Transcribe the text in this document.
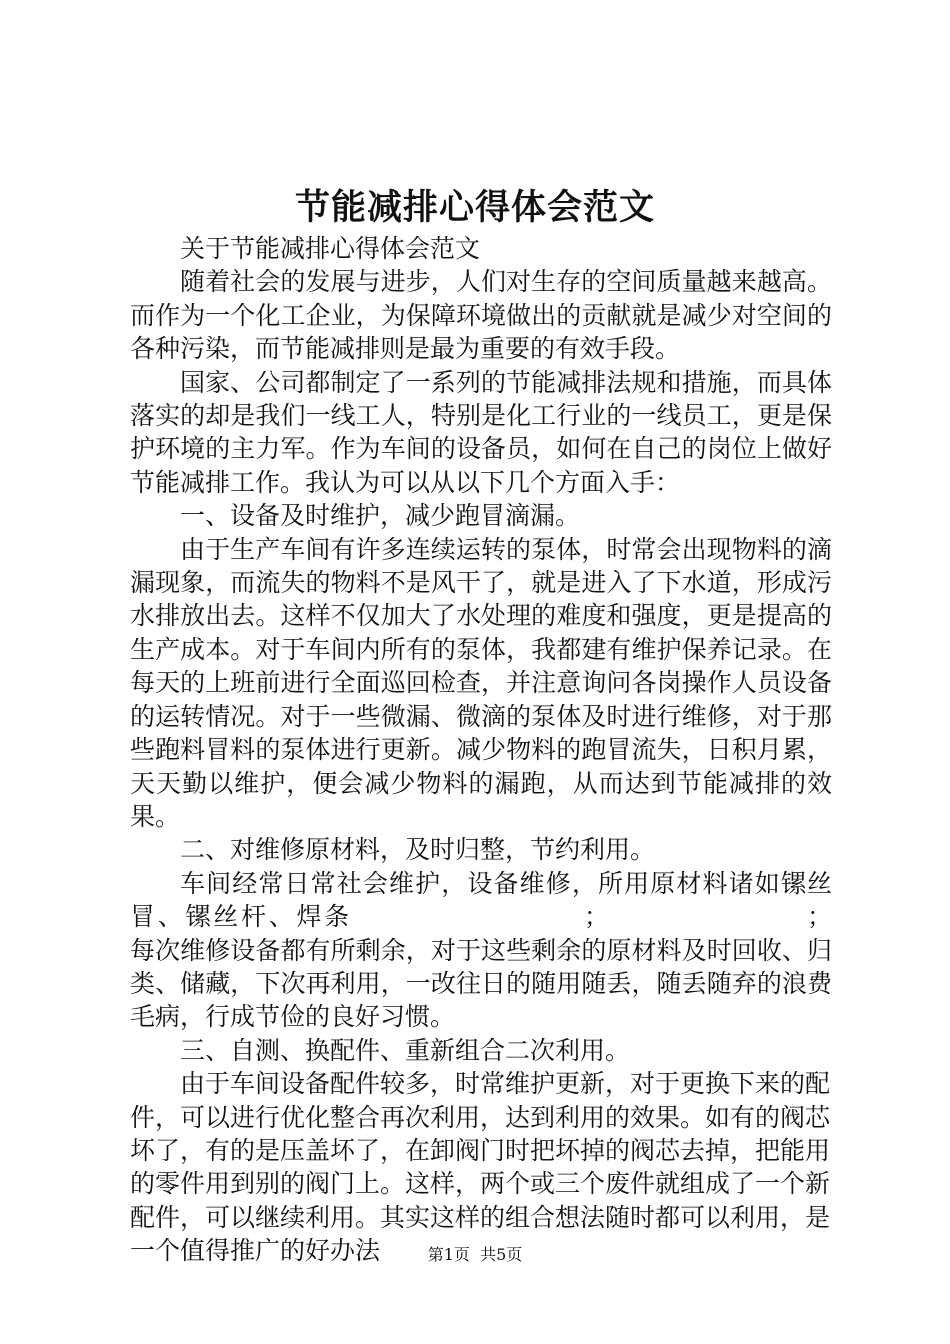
节能减排心得体会范文

关于节能减排心得体会范文

随着社会的发展与进步，人们对生存的空间质量越来越高。而作为一个化工企业，为保障环境做出的贡献就是减少对空间的各种污染，而节能减排则是最为重要的有效手段。

国家、公司都制定了一系列的节能减排法规和措施，而具体落实的却是我们一线工人，特别是化工行业的一线员工，更是保护环境的主力军。作为车间的设备员，如何在自己的岗位上做好节能减排工作。我认为可以从以下几个方面入手：

一、设备及时维护，减少跑冒滴漏。

由于生产车间有许多连续运转的泵体，时常会出现物料的滴漏现象，而流失的物料不是风干了，就是进入了下水道，形成污水排放出去。这样不仅加大了水处理的难度和强度，更是提高的生产成本。对于车间内所有的泵体，我都建有维护保养记录。在每天的上班前进行全面巡回检查，并注意询问各岗操作人员设备的运转情况。对于一些微漏、微滴的泵体及时进行维修，对于那些跑料冒料的泵体进行更新。减少物料的跑冒流失，日积月累，天天勤以维护，便会减少物料的漏跑，从而达到节能减排的效果。

二、对维修原材料，及时归整，节约利用。

车间经常日常社会维护，设备维修，所用原材料诸如镙丝冒、镙丝杆、焊条	；	；每次维修设备都有所剩余，对于这些剩余的原材料及时回收、归类、储藏，下次再利用，一改往日的随用随丢，随丢随弃的浪费毛病，行成节俭的良好习惯。

三、自测、换配件、重新组合二次利用。

由于车间设备配件较多，时常维护更新，对于更换下来的配件，可以进行优化整合再次利用，达到利用的效果。如有的阀芯坏了，有的是压盖坏了，在卸阀门时把坏掉的阀芯去掉，把能用的零件用到别的阀门上。这样，两个或三个废件就组成了一个新配件，可以继续利用。其实这样的组合想法随时都可以利用，是一个值得推广的好办法	第1页 共5页
